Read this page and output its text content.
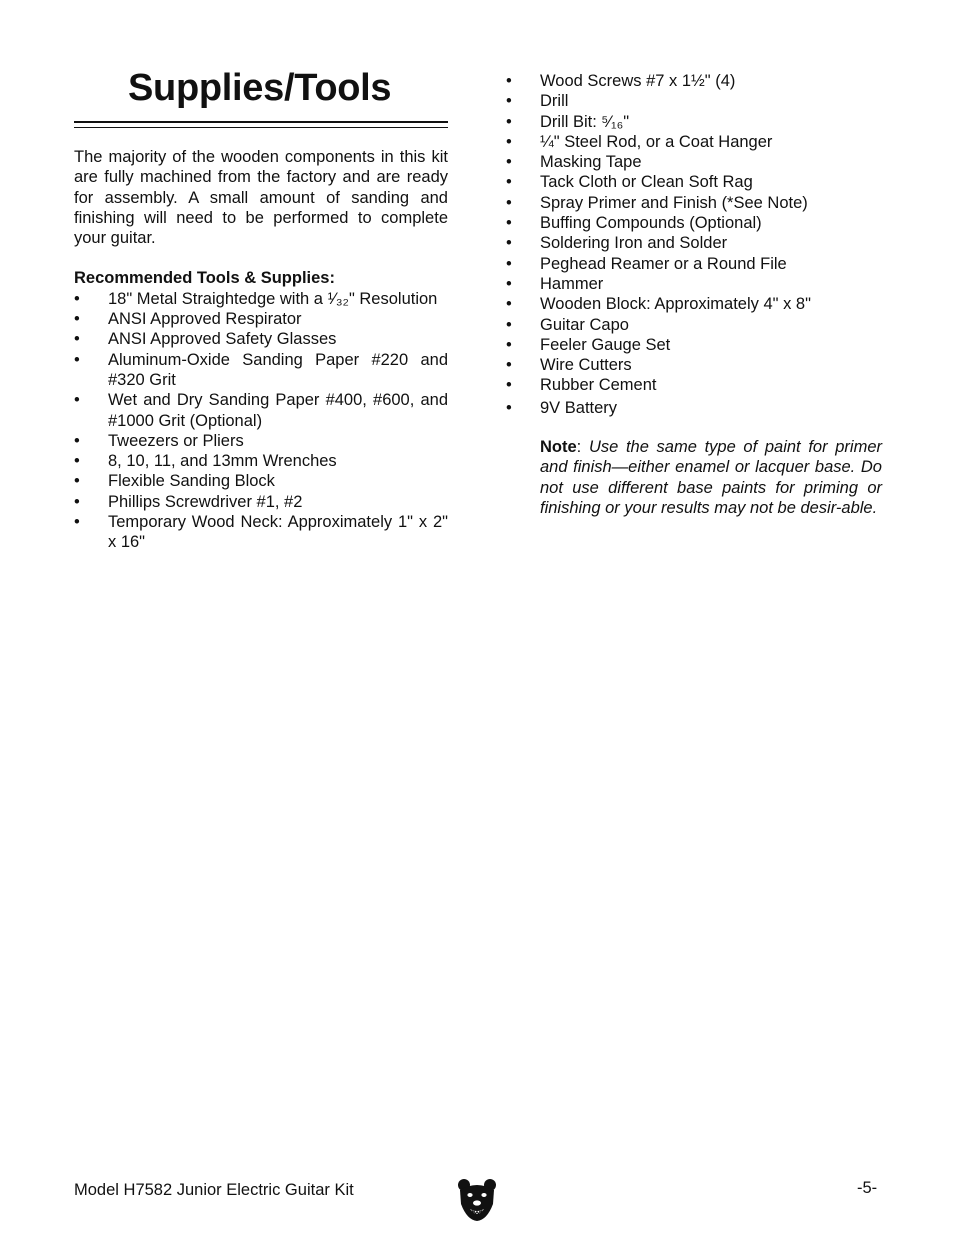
Supplies/Tools

The majority of the wooden components in this kit are fully machined from the factory and are ready for assembly. A small amount of sanding and finishing will need to be performed to complete your guitar.

Recommended Tools & Supplies:
• 18" Metal Straightedge with a ¹⁄₃₂" Resolution
• ANSI Approved Respirator
• ANSI Approved Safety Glasses
• Aluminum-Oxide Sanding Paper #220 and #320 Grit
• Wet and Dry Sanding Paper #400, #600, and #1000 Grit (Optional)
• Tweezers or Pliers
• 8, 10, 11, and 13mm Wrenches
• Flexible Sanding Block
• Phillips Screwdriver #1, #2
• Temporary Wood Neck: Approximately 1" x 2" x 16"
• Wood Screws #7 x 1½" (4)
• Drill
• Drill Bit: ⁵⁄₁₆"
• ¼" Steel Rod, or a Coat Hanger
• Masking Tape
• Tack Cloth or Clean Soft Rag
• Spray Primer and Finish (*See Note)
• Buffing Compounds (Optional)
• Soldering Iron and Solder
• Peghead Reamer or a Round File
• Hammer
• Wooden Block: Approximately 4" x 8"
• Guitar Capo
• Feeler Gauge Set
• Wire Cutters
• Rubber Cement
• 9V Battery
Note: Use the same type of paint for primer and finish—either enamel or lacquer base. Do not use different base paints for priming or finishing or your results may not be desir-able.
Model H7582 Junior Electric Guitar Kit	-5-
